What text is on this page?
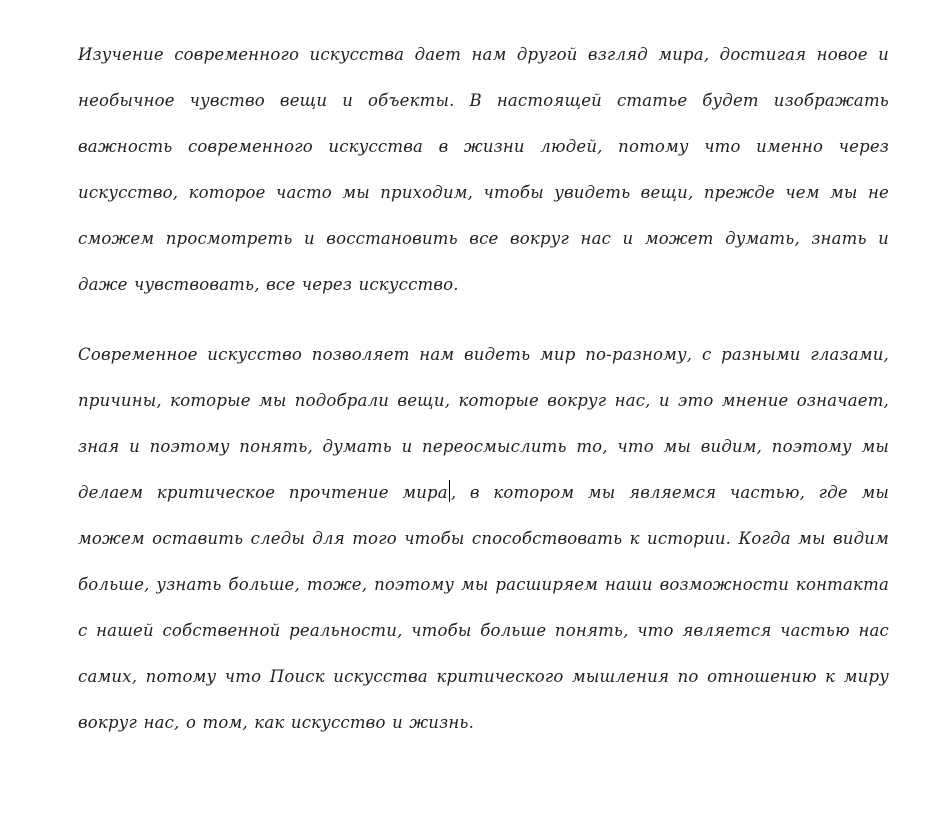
Изучение современного искусства дает нам другой взгляд мира, достигая новое и необычное чувство вещи и объекты. В настоящей статье будет изображать важность современного искусства в жизни людей, потому что именно через искусство, которое часто мы приходим, чтобы увидеть вещи, прежде чем мы не сможем просмотреть и восстановить все вокруг нас и может думать, знать и даже чувствовать, все через искусство.

Современное искусство позволяет нам видеть мир по-разному, с разными глазами, причины, которые мы подобрали вещи, которые вокруг нас, и это мнение означает, зная и поэтому понять, думать и переосмыслить то, что мы видим, поэтому мы делаем критическое прочтение мира , в котором мы являемся частью, где мы можем оставить следы для того чтобы способствовать к истории. Когда мы видим больше, узнать больше, тоже, поэтому мы расширяем наши возможности контакта с нашей собственной реальности, чтобы больше понять, что является частью нас самих, потому что Поиск искусства критического мышления по отношению к миру вокруг нас, о том, как искусство и жизнь.
